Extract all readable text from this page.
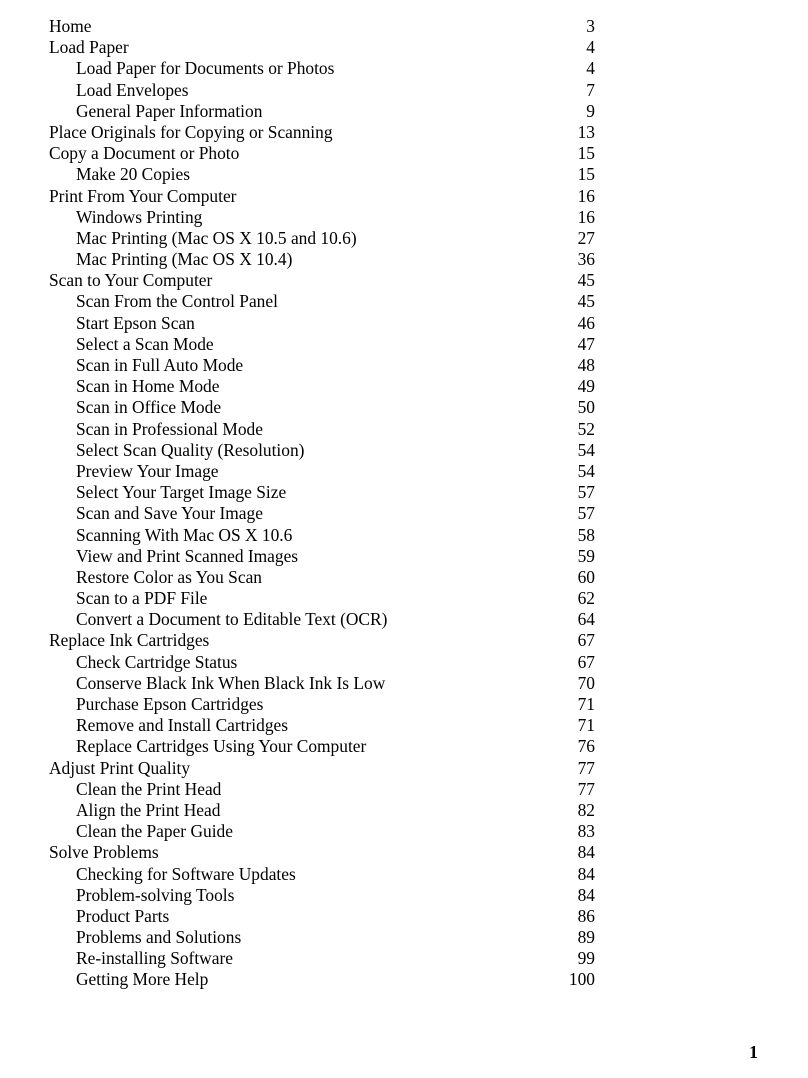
Home	3
Load Paper	4
Load Paper for Documents or Photos	4
Load Envelopes	7
General Paper Information	9
Place Originals for Copying or Scanning	13
Copy a Document or Photo	15
Make 20 Copies	15
Print From Your Computer	16
Windows Printing	16
Mac Printing (Mac OS X 10.5 and 10.6)	27
Mac Printing (Mac OS X 10.4)	36
Scan to Your Computer	45
Scan From the Control Panel	45
Start Epson Scan	46
Select a Scan Mode	47
Scan in Full Auto Mode	48
Scan in Home Mode	49
Scan in Office Mode	50
Scan in Professional Mode	52
Select Scan Quality (Resolution)	54
Preview Your Image	54
Select Your Target Image Size	57
Scan and Save Your Image	57
Scanning With Mac OS X 10.6	58
View and Print Scanned Images	59
Restore Color as You Scan	60
Scan to a PDF File	62
Convert a Document to Editable Text (OCR)	64
Replace Ink Cartridges	67
Check Cartridge Status	67
Conserve Black Ink When Black Ink Is Low	70
Purchase Epson Cartridges	71
Remove and Install Cartridges	71
Replace Cartridges Using Your Computer	76
Adjust Print Quality	77
Clean the Print Head	77
Align the Print Head	82
Clean the Paper Guide	83
Solve Problems	84
Checking for Software Updates	84
Problem-solving Tools	84
Product Parts	86
Problems and Solutions	89
Re-installing Software	99
Getting More Help	100
1
